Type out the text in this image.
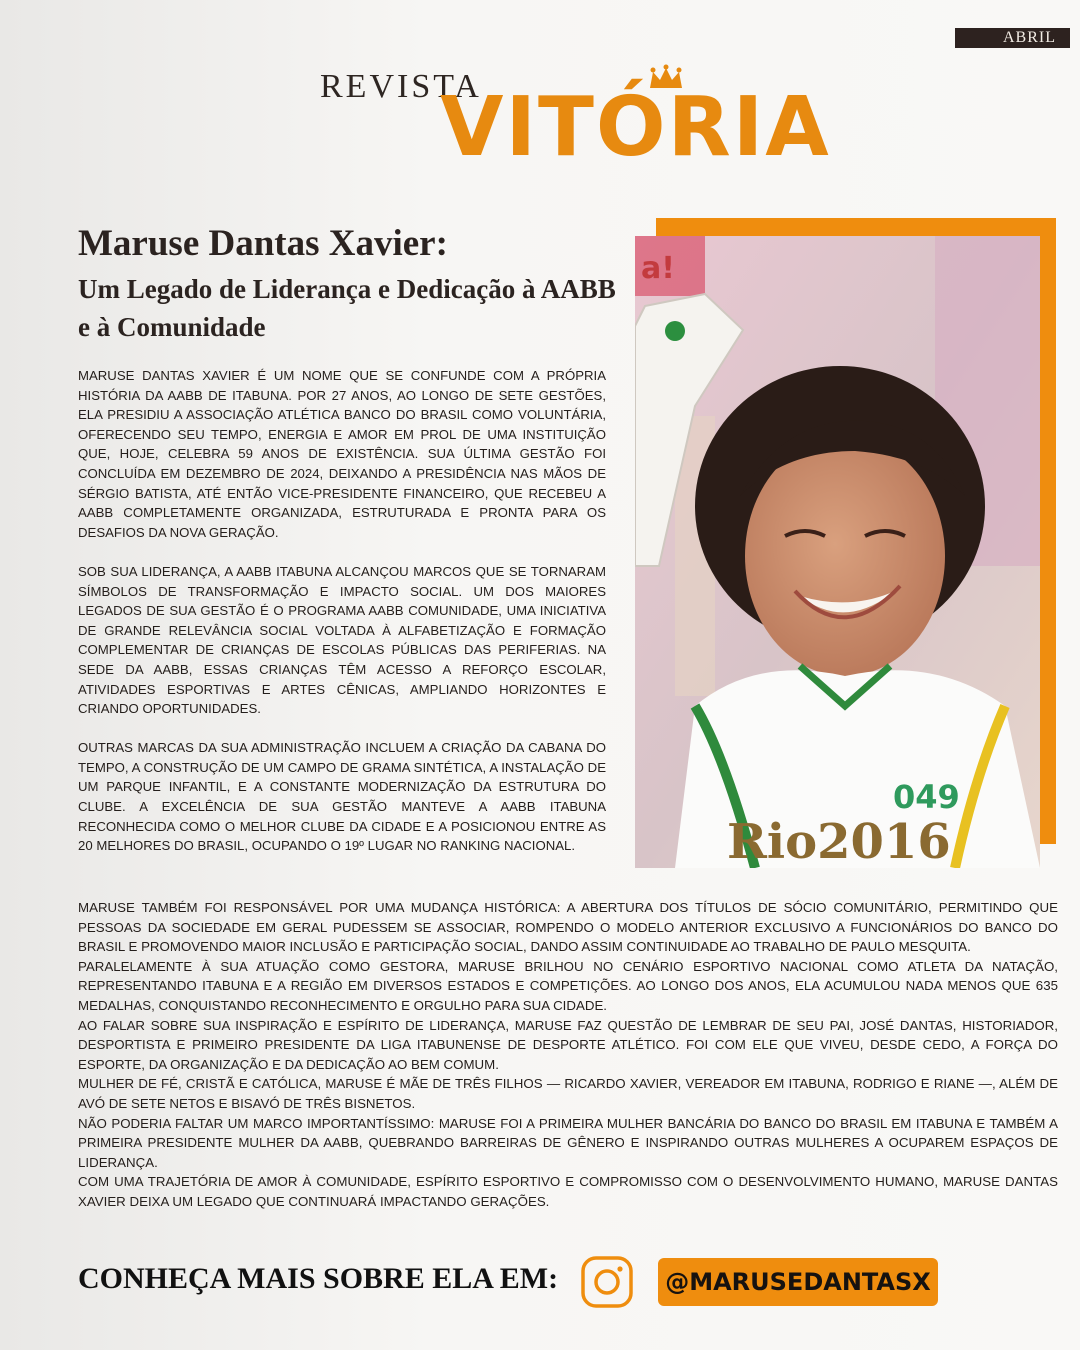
ABRIL
REVISTA
VITÓRIA
a!
049
Rio2016
Maruse Dantas Xavier:
Um Legado de Liderança e Dedicação à AABB e à Comunidade

MARUSE DANTAS XAVIER É UM NOME QUE SE CONFUNDE COM A PRÓPRIA HISTÓRIA DA AABB DE ITABUNA. POR 27 ANOS, AO LONGO DE SETE GESTÕES, ELA PRESIDIU A ASSOCIAÇÃO ATLÉTICA BANCO DO BRASIL COMO VOLUNTÁRIA, OFERECENDO SEU TEMPO, ENERGIA E AMOR EM PROL DE UMA INSTITUIÇÃO QUE, HOJE, CELEBRA 59 ANOS DE EXISTÊNCIA. SUA ÚLTIMA GESTÃO FOI CONCLUÍDA EM DEZEMBRO DE 2024, DEIXANDO A PRESIDÊNCIA NAS MÃOS DE SÉRGIO BATISTA, ATÉ ENTÃO VICE-PRESIDENTE FINANCEIRO, QUE RECEBEU A AABB COMPLETAMENTE ORGANIZADA, ESTRUTURADA E PRONTA PARA OS DESAFIOS DA NOVA GERAÇÃO.

SOB SUA LIDERANÇA, A AABB ITABUNA ALCANÇOU MARCOS QUE SE TORNARAM SÍMBOLOS DE TRANSFORMAÇÃO E IMPACTO SOCIAL. UM DOS MAIORES LEGADOS DE SUA GESTÃO É O PROGRAMA AABB COMUNIDADE, UMA INICIATIVA DE GRANDE RELEVÂNCIA SOCIAL VOLTADA À ALFABETIZAÇÃO E FORMAÇÃO COMPLEMENTAR DE CRIANÇAS DE ESCOLAS PÚBLICAS DAS PERIFERIAS. NA SEDE DA AABB, ESSAS CRIANÇAS TÊM ACESSO A REFORÇO ESCOLAR, ATIVIDADES ESPORTIVAS E ARTES CÊNICAS, AMPLIANDO HORIZONTES E CRIANDO OPORTUNIDADES.

OUTRAS MARCAS DA SUA ADMINISTRAÇÃO INCLUEM A CRIAÇÃO DA CABANA DO TEMPO, A CONSTRUÇÃO DE UM CAMPO DE GRAMA SINTÉTICA, A INSTALAÇÃO DE UM PARQUE INFANTIL, E A CONSTANTE MODERNIZAÇÃO DA ESTRUTURA DO CLUBE. A EXCELÊNCIA DE SUA GESTÃO MANTEVE A AABB ITABUNA RECONHECIDA COMO O MELHOR CLUBE DA CIDADE E A POSICIONOU ENTRE AS 20 MELHORES DO BRASIL, OCUPANDO O 19º LUGAR NO RANKING NACIONAL.

MARUSE TAMBÉM FOI RESPONSÁVEL POR UMA MUDANÇA HISTÓRICA: A ABERTURA DOS TÍTULOS DE SÓCIO COMUNITÁRIO, PERMITINDO QUE PESSOAS DA SOCIEDADE EM GERAL PUDESSEM SE ASSOCIAR, ROMPENDO O MODELO ANTERIOR EXCLUSIVO A FUNCIONÁRIOS DO BANCO DO BRASIL E PROMOVENDO MAIOR INCLUSÃO E PARTICIPAÇÃO SOCIAL, DANDO ASSIM CONTINUIDADE AO TRABALHO DE PAULO MESQUITA.

PARALELAMENTE À SUA ATUAÇÃO COMO GESTORA, MARUSE BRILHOU NO CENÁRIO ESPORTIVO NACIONAL COMO ATLETA DA NATAÇÃO, REPRESENTANDO ITABUNA E A REGIÃO EM DIVERSOS ESTADOS E COMPETIÇÕES. AO LONGO DOS ANOS, ELA ACUMULOU NADA MENOS QUE 635 MEDALHAS, CONQUISTANDO RECONHECIMENTO E ORGULHO PARA SUA CIDADE.

AO FALAR SOBRE SUA INSPIRAÇÃO E ESPÍRITO DE LIDERANÇA, MARUSE FAZ QUESTÃO DE LEMBRAR DE SEU PAI, JOSÉ DANTAS, HISTORIADOR, DESPORTISTA E PRIMEIRO PRESIDENTE DA LIGA ITABUNENSE DE DESPORTE ATLÉTICO. FOI COM ELE QUE VIVEU, DESDE CEDO, A FORÇA DO ESPORTE, DA ORGANIZAÇÃO E DA DEDICAÇÃO AO BEM COMUM.

MULHER DE FÉ, CRISTÃ E CATÓLICA, MARUSE É MÃE DE TRÊS FILHOS — RICARDO XAVIER, VEREADOR EM ITABUNA, RODRIGO E RIANE —, ALÉM DE AVÓ DE SETE NETOS E BISAVÓ DE TRÊS BISNETOS.

NÃO PODERIA FALTAR UM MARCO IMPORTANTÍSSIMO: MARUSE FOI A PRIMEIRA MULHER BANCÁRIA DO BANCO DO BRASIL EM ITABUNA E TAMBÉM A PRIMEIRA PRESIDENTE MULHER DA AABB, QUEBRANDO BARREIRAS DE GÊNERO E INSPIRANDO OUTRAS MULHERES A OCUPAREM ESPAÇOS DE LIDERANÇA.

COM UMA TRAJETÓRIA DE AMOR À COMUNIDADE, ESPÍRITO ESPORTIVO E COMPROMISSO COM O DESENVOLVIMENTO HUMANO, MARUSE DANTAS XAVIER DEIXA UM LEGADO QUE CONTINUARÁ IMPACTANDO GERAÇÕES.

CONHEÇA MAIS SOBRE ELA EM:	@MARUSEDANTASX
